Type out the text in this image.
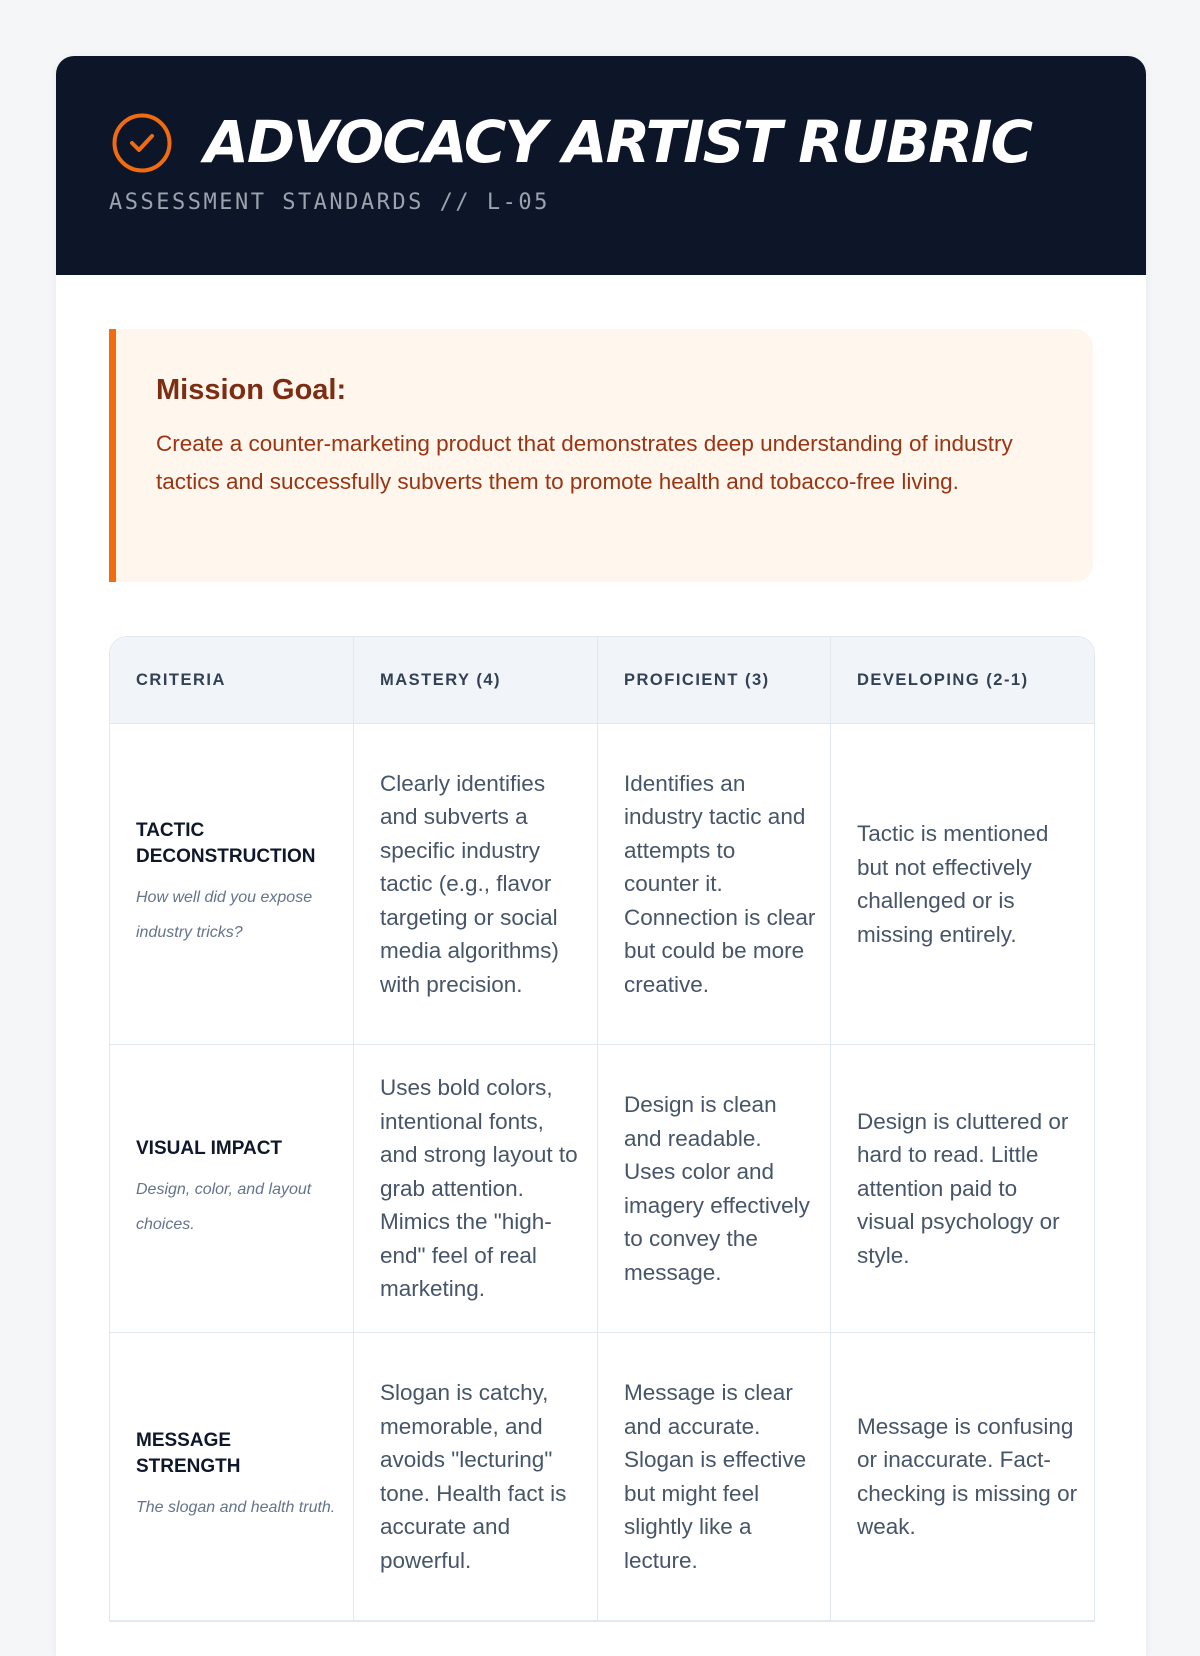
ADVOCACY ARTIST RUBRIC
ASSESSMENT STANDARDS // L-05
Mission Goal:

Create a counter-marketing product that demonstrates deep understanding of industry tactics and successfully subverts them to promote health and tobacco-free living.

CRITERIA	MASTERY (4)	PROFICIENT (3)	DEVELOPING (2-1)

TACTIC DECONSTRUCTION
How well did you expose industry tricks?	Clearly identifies and subverts a specific industry tactic (e.g., flavor targeting or social media algorithms) with precision.	Identifies an industry tactic and attempts to counter it. Connection is clear but could be more creative.	Tactic is mentioned but not effectively challenged or is missing entirely.

VISUAL IMPACT
Design, color, and layout choices.	Uses bold colors, intentional fonts, and strong layout to grab attention. Mimics the "high-end" feel of real marketing.	Design is clean and readable. Uses color and imagery effectively to convey the message.	Design is cluttered or hard to read. Little attention paid to visual psychology or style.

MESSAGE STRENGTH
The slogan and health truth.	Slogan is catchy, memorable, and avoids "lecturing" tone. Health fact is accurate and powerful.	Message is clear and accurate. Slogan is effective but might feel slightly like a lecture.	Message is confusing or inaccurate. Fact-checking is missing or weak.
